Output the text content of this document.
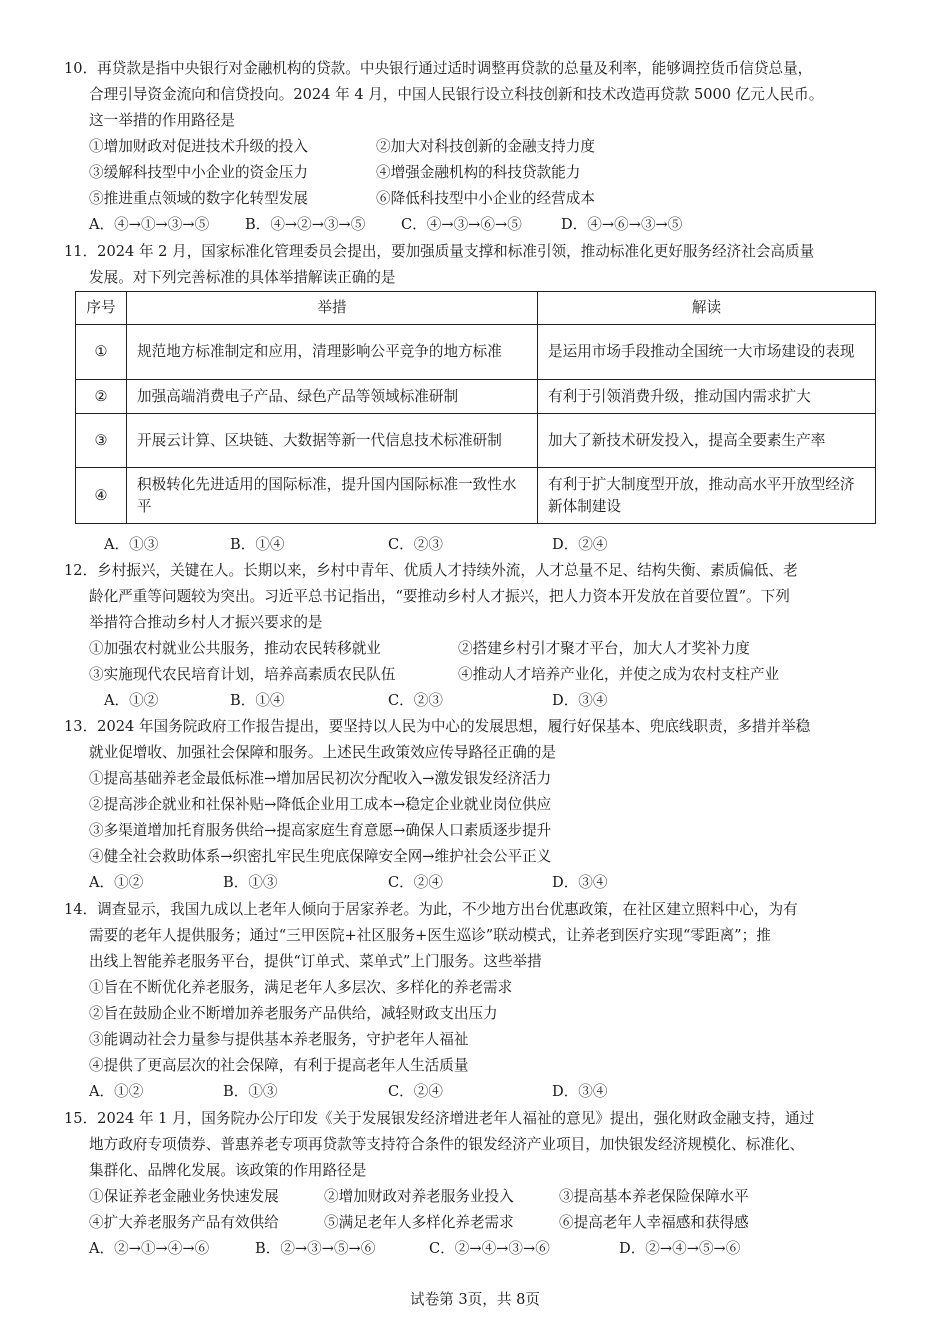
10．再贷款是指中央银行对金融机构的贷款。中央银行通过适时调整再贷款的总量及利率，能够调控货币信贷总量，
合理引导资金流向和信贷投向。2024 年 4 月，中国人民银行设立科技创新和技术改造再贷款 5000 亿元人民币。
这一举措的作用路径是
①增加财政对促进技术升级的投入	②加大对科技创新的金融支持力度
③缓解科技型中小企业的资金压力	④增强金融机构的科技贷款能力
⑤推进重点领域的数字化转型发展	⑥降低科技型中小企业的经营成本
A．④→①→③→⑤ B．④→②→③→⑤ C．④→③→⑥→⑤	D．④→⑥→③→⑤
11．2024 年 2 月，国家标准化管理委员会提出，要加强质量支撑和标准引领，推动标准化更好服务经济社会高质量
发展。对下列完善标准的具体举措解读正确的是
序号	举措	解读
①	规范地方标准制定和应用，清理影响公平竞争的地方标准	是运用市场手段推动全国统一大市场建设的表现
②	加强高端消费电子产品、绿色产品等领域标准研制	有利于引领消费升级，推动国内需求扩大
③	开展云计算、区块链、大数据等新一代信息技术标准研制	加大了新技术研发投入，提高全要素生产率
④	积极转化先进适用的国际标准，提升国内国际标准一致性水平	有利于扩大制度型开放，推动高水平开放型经济新体制建设
A．①③	B．①④	C．②③	D．②④
12．乡村振兴，关键在人。长期以来，乡村中青年、优质人才持续外流，人才总量不足、结构失衡、素质偏低、老
龄化严重等问题较为突出。习近平总书记指出，“要推动乡村人才振兴，把人力资本开发放在首要位置”。下列
举措符合推动乡村人才振兴要求的是
①加强农村就业公共服务，推动农民转移就业	②搭建乡村引才聚才平台，加大人才奖补力度
③实施现代农民培育计划，培养高素质农民队伍	④推动人才培养产业化，并使之成为农村支柱产业
A．①②	B．①④	C．②③	D．③④
13．2024 年国务院政府工作报告提出，要坚持以人民为中心的发展思想，履行好保基本、兜底线职责，多措并举稳
就业促增收、加强社会保障和服务。上述民生政策效应传导路径正确的是
①提高基础养老金最低标准→增加居民初次分配收入→激发银发经济活力
②提高涉企就业和社保补贴→降低企业用工成本→稳定企业就业岗位供应
③多渠道增加托育服务供给→提高家庭生育意愿→确保人口素质逐步提升
④健全社会救助体系→织密扎牢民生兜底保障安全网→维护社会公平正义
A．①②	B．①③	C．②④	D．③④
14．调查显示，我国九成以上老年人倾向于居家养老。为此，不少地方出台优惠政策，在社区建立照料中心，为有
需要的老年人提供服务；通过“三甲医院+社区服务+医生巡诊”联动模式，让养老到医疗实现“零距离”；推
出线上智能养老服务平台，提供“订单式、菜单式”上门服务。这些举措
①旨在不断优化养老服务，满足老年人多层次、多样化的养老需求
②旨在鼓励企业不断增加养老服务产品供给，减轻财政支出压力
③能调动社会力量参与提供基本养老服务，守护老年人福祉
④提供了更高层次的社会保障，有利于提高老年人生活质量
A．①②	B．①③	C．②④	D．③④
15．2024 年 1 月，国务院办公厅印发《关于发展银发经济增进老年人福祉的意见》提出，强化财政金融支持，通过
地方政府专项债券、普惠养老专项再贷款等支持符合条件的银发经济产业项目，加快银发经济规模化、标准化、
集群化、品牌化发展。该政策的作用路径是
①保证养老金融业务快速发展	②增加财政对养老服务业投入	③提高基本养老保险保障水平
④扩大养老服务产品有效供给	⑤满足老年人多样化养老需求	⑥提高老年人幸福感和获得感
A．②→①→④→⑥	B．②→③→⑤→⑥	C．②→④→③→⑥	D．②→④→⑤→⑥
试卷第 3页，共 8页
